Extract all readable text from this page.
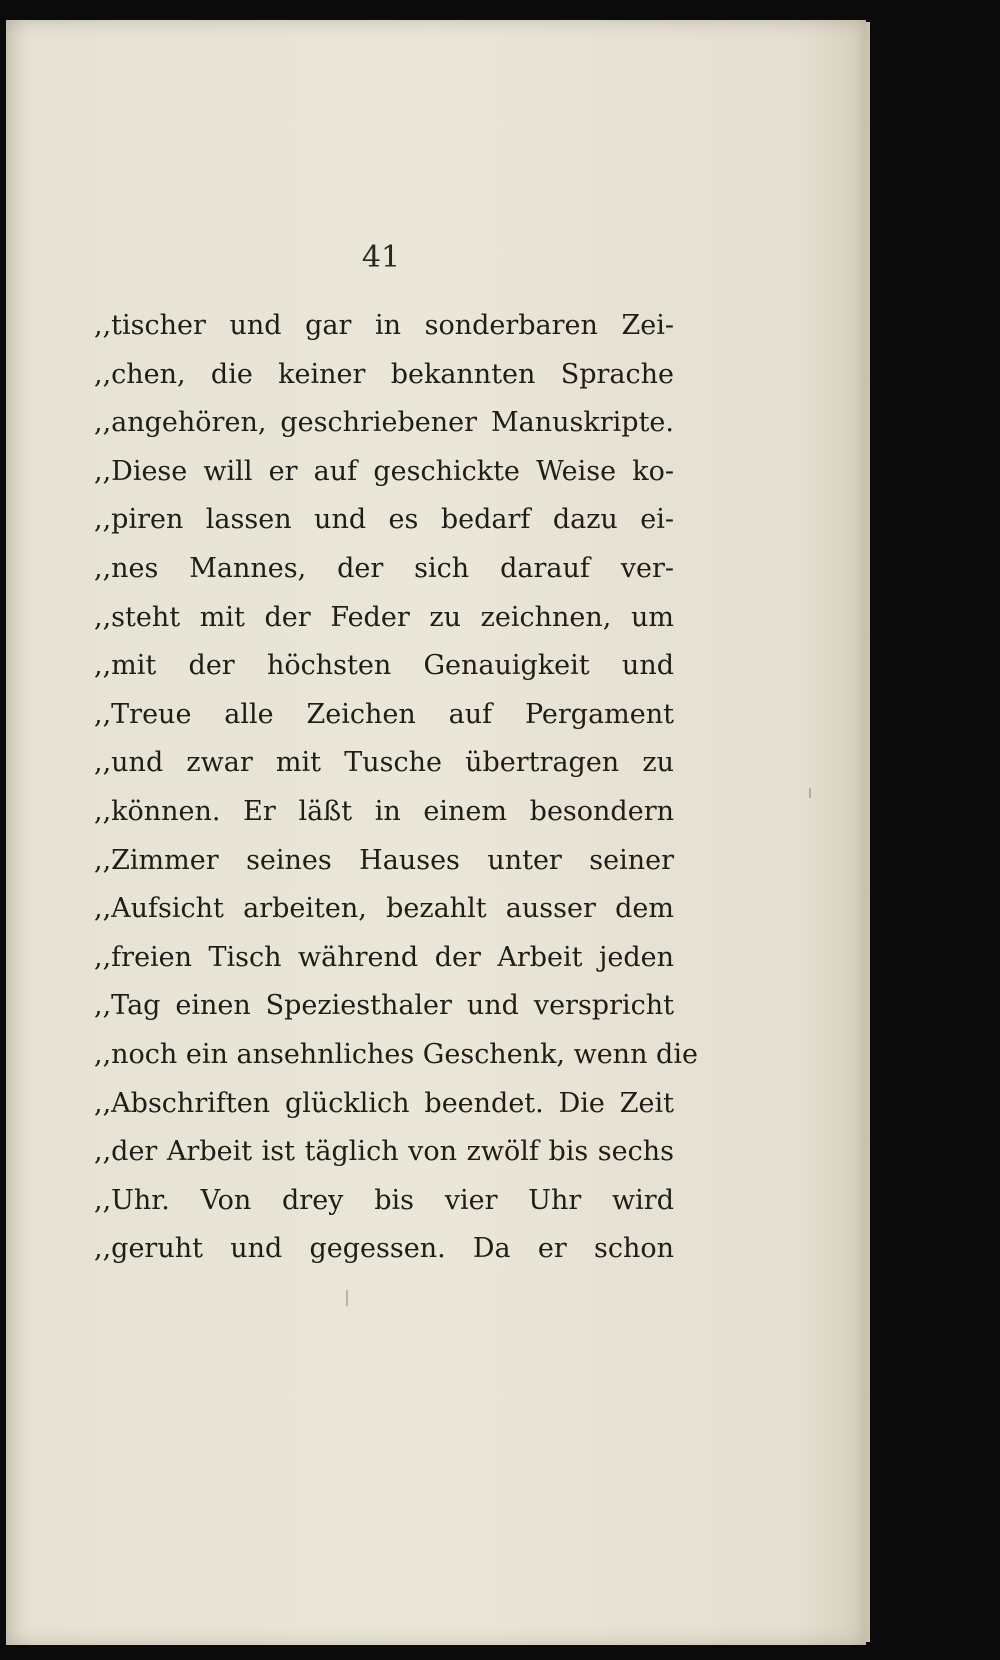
41
,,tischer und gar in sonderbaren Zei-
,,chen, die keiner bekannten Sprache
,,angehören, geschriebener Manuskripte.
,,Diese will er auf geschickte Weise ko-
,,piren lassen und es bedarf dazu ei-
,,nes Mannes, der sich darauf ver-
,,steht mit der Feder zu zeichnen, um
,,mit der höchsten Genauigkeit und
,,Treue alle Zeichen auf Pergament
,,und zwar mit Tusche übertragen zu
,,können. Er läßt in einem besondern
,,Zimmer seines Hauses unter seiner
,,Aufsicht arbeiten, bezahlt ausser dem
,,freien Tisch während der Arbeit jeden
,,Tag einen Speziesthaler und verspricht
,,noch ein ansehnliches Geschenk, wenn die
,,Abschriften glücklich beendet. Die Zeit
,,der Arbeit ist täglich von zwölf bis sechs
,,Uhr. Von drey bis vier Uhr wird
,,geruht und gegessen. Da er schon
